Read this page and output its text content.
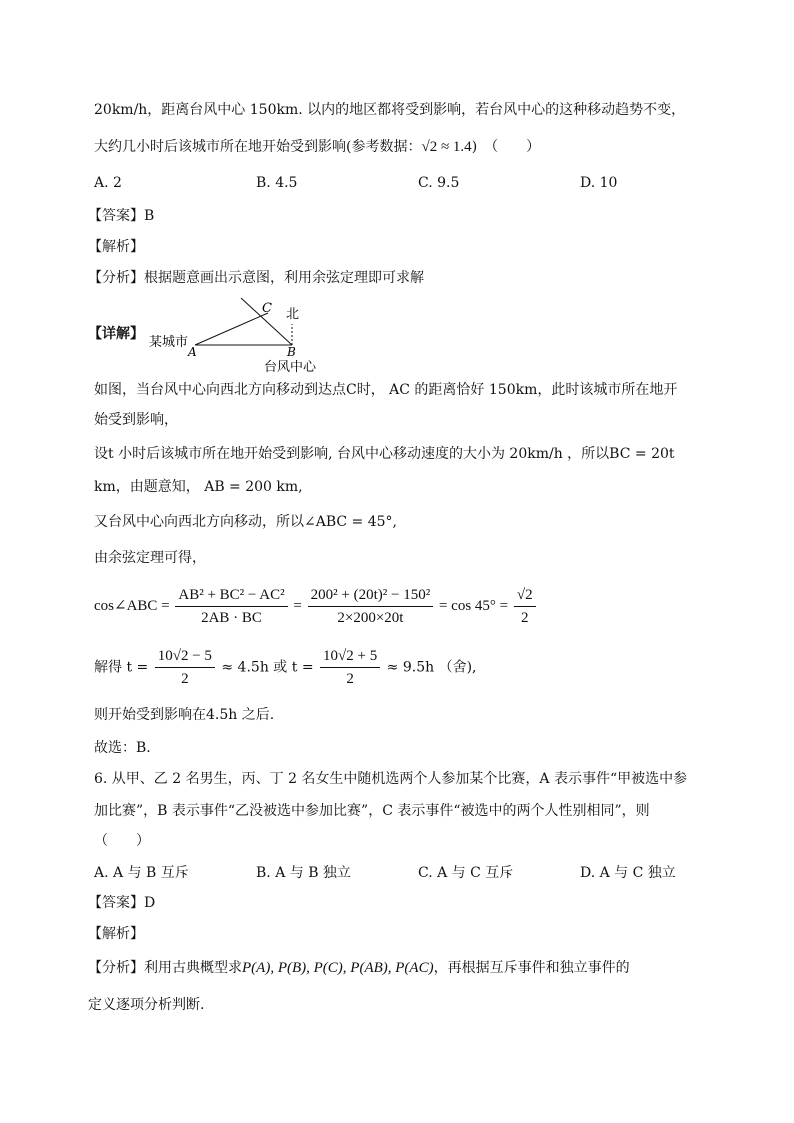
20km/h，距离台风中心 150km. 以内的地区都将受到影响，若台风中心的这种移动趋势不变，
大约几小时后该城市所在地开始受到影响(参考数据：√2 ≈ 1.4)　（　　）
A. 2	B. 4.5	C. 9.5	D. 10
【答案】B
【解析】
【分析】根据题意画出示意图，利用余弦定理即可求解
【详解】
C 北
某城市
A	B
台风中心
如图，当台风中心向西北方向移动到达点C时， AC 的距离恰好 150km，此时该城市所在地开
始受到影响，
设t 小时后该城市所在地开始受到影响, 台风中心移动速度的大小为 20km/h ，所以BC = 20t
km，由题意知， AB = 200 km,
又台风中心向西北方向移动，所以∠ABC = 45°,
由余弦定理可得，
cos∠ABC = $\frac{\text{AB² + BC² − AC²}}{2AB \cdot BC} = \frac{\text{200² + (20t)² − 150²}}{2\times 200\times 20t} = \cos 45^\circ = \frac{√2}{2}$
解得 $t = \frac{10√2 - 5}{2} \approx 4.5h$ 或 $t = \frac{10√2 + 5}{2} \approx 9.5h$ （舍),
则开始受到影响在4.5h 之后.
故选：B.
6. 从甲、乙 2 名男生，丙、丁 2 名女生中随机选两个人参加某个比赛，A 表示事件“甲被选中参
加比赛”，B 表示事件“乙没被选中参加比赛”，C 表示事件“被选中的两个人性别相同”，则
（　　）
A. A 与 B 互斥	B. A 与 B 独立	C. A 与 C 互斥	D. A 与 C 独立
【答案】D
【解析】
【分析】利用古典概型求P(A), P(B), P(C), P(AB), P(AC)，再根据互斥事件和独立事件的
定义逐项分析判断.
